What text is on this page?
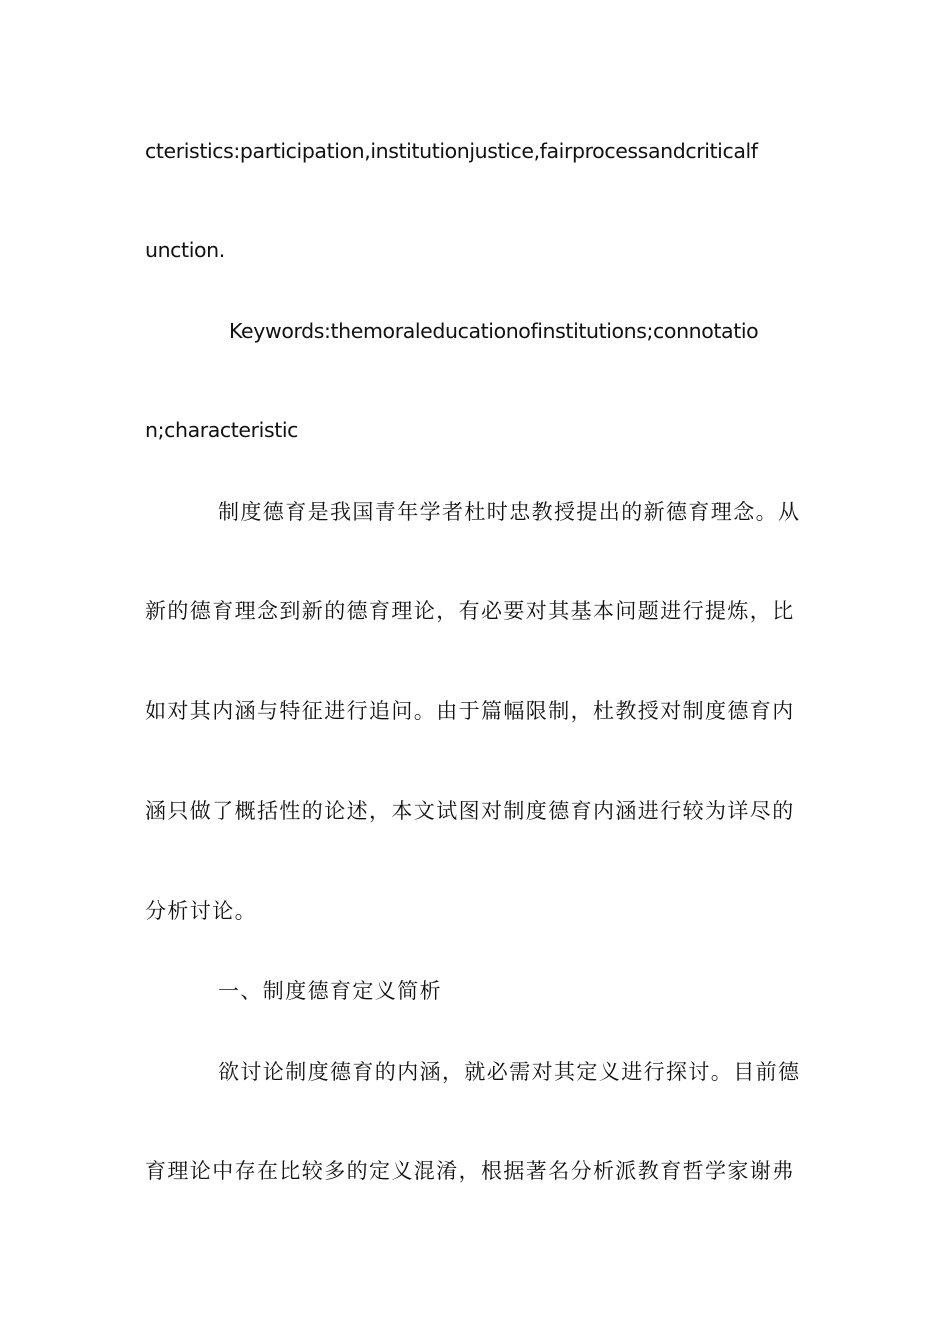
cteristics:participation,institutionjustice,fairprocessandcriticalf
unction.
Keywords:themoraleducationofinstitutions;connotatio
n;characteristic
制度德育是我国青年学者杜时忠教授提出的新德育理念。从
新的德育理念到新的德育理论，有必要对其基本问题进行提炼，比
如对其内涵与特征进行追问。由于篇幅限制，杜教授对制度德育内
涵只做了概括性的论述，本文试图对制度德育内涵进行较为详尽的
分析讨论。
一、制度德育定义简析
欲讨论制度德育的内涵，就必需对其定义进行探讨。目前德
育理论中存在比较多的定义混淆，根据著名分析派教育哲学家谢弗
